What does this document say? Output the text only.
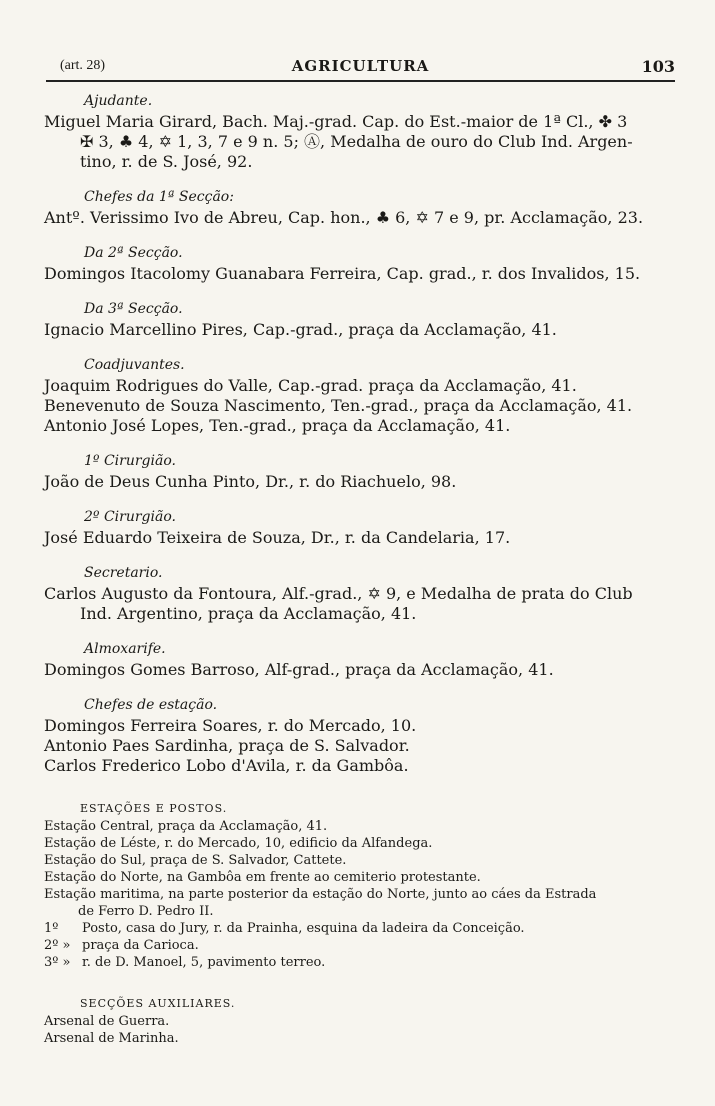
(art. 28)	AGRICULTURA	103
Ajudante.
Miguel Maria Girard, Bach. Maj.-grad. Cap. do Est.-maior de 1ª Cl., ✤ 3
✠ 3, ♣ 4, ✡ 1, 3, 7 e 9 n. 5; Ⓐ, Medalha de ouro do Club Ind. Argen-
tino, r. de S. José, 92.
Chefes da 1ª Secção:
Antº. Verissimo Ivo de Abreu, Cap. hon., ♣ 6, ✡ 7 e 9, pr. Acclamação, 23.
Da 2ª Secção.
Domingos Itacolomy Guanabara Ferreira, Cap. grad., r. dos Invalidos, 15.
Da 3ª Secção.
Ignacio Marcellino Pires, Cap.-grad., praça da Acclamação, 41.
Coadjuvantes.
Joaquim Rodrigues do Valle, Cap.-grad. praça da Acclamação, 41.
Benevenuto de Souza Nascimento, Ten.-grad., praça da Acclamação, 41.
Antonio José Lopes, Ten.-grad., praça da Acclamação, 41.
1º Cirurgião.
João de Deus Cunha Pinto, Dr., r. do Riachuelo, 98.
2º Cirurgião.
José Eduardo Teixeira de Souza, Dr., r. da Candelaria, 17.
Secretario.
Carlos Augusto da Fontoura, Alf.-grad., ✡ 9, e Medalha de prata do Club
Ind. Argentino, praça da Acclamação, 41.
Almoxarife.
Domingos Gomes Barroso, Alf-grad., praça da Acclamação, 41.
Chefes de estação.
Domingos Ferreira Soares, r. do Mercado, 10.
Antonio Paes Sardinha, praça de S. Salvador.
Carlos Frederico Lobo d'Avila, r. da Gambôa.
ESTAÇÕES E POSTOS.
Estação Central, praça da Acclamação, 41.
Estação de Léste, r. do Mercado, 10, edificio da Alfandega.
Estação do Sul, praça de S. Salvador, Cattete.
Estação do Norte, na Gambôa em frente ao cemiterio protestante.
Estação maritima, na parte posterior da estação do Norte, junto ao cáes da Estrada
de Ferro D. Pedro II.
1º Posto, casa do Jury, r. da Prainha, esquina da ladeira da Conceição.
2º » praça da Carioca.
3º » r. de D. Manoel, 5, pavimento terreo.
SECÇÕES AUXILIARES.
Arsenal de Guerra.
Arsenal de Marinha.
